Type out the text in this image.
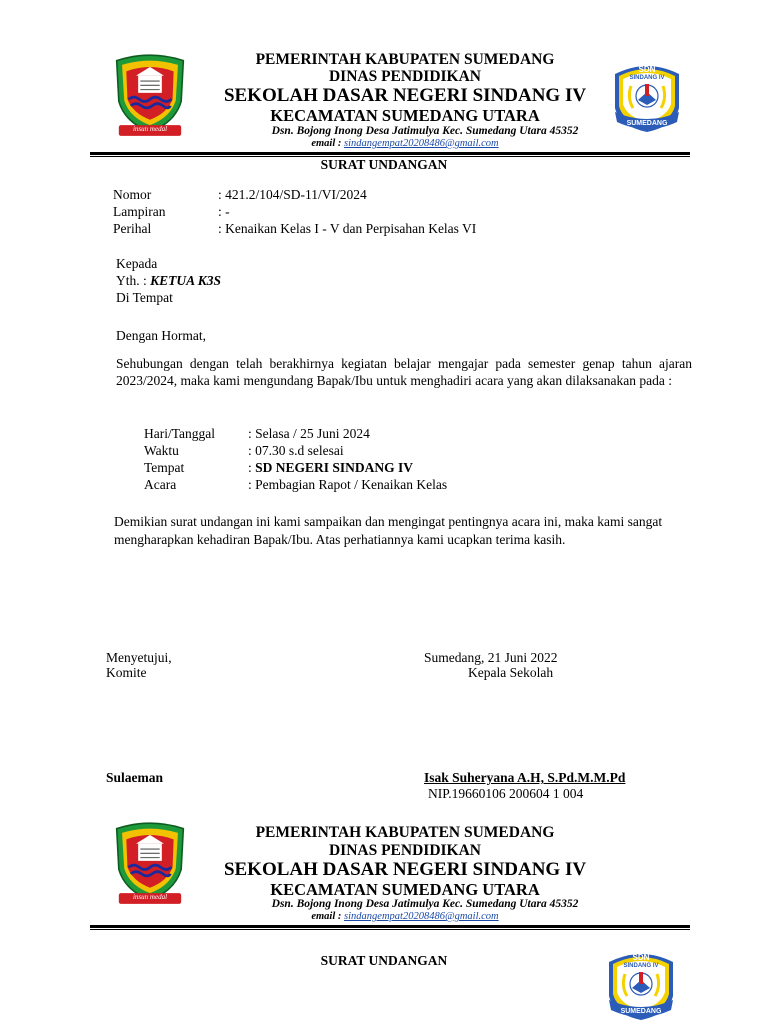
insun medal
SDN
SINDANG IV
SUMEDANG
PEMERINTAH KABUPATEN SUMEDANG
DINAS PENDIDIKAN
SEKOLAH DASAR NEGERI SINDANG IV
KECAMATAN SUMEDANG UTARA
Dsn. Bojong Inong Desa Jatimulya Kec. Sumedang Utara 45352
email : sindangempat20208486@gmail.com
SURAT UNDANGAN
Nomor	: 421.2/104/SD-11/VI/2024
Lampiran	: -
Perihal	: Kenaikan Kelas I - V dan Perpisahan Kelas VI
Kepada
Yth. : KETUA K3S
Di Tempat
Dengan Hormat,
Sehubungan dengan telah berakhirnya kegiatan belajar mengajar pada semester genap tahun ajaran 2023/2024, maka kami mengundang Bapak/Ibu untuk menghadiri acara yang akan dilaksanakan pada :
Hari/Tanggal : Selasa / 25 Juni 2024
Waktu	: 07.30 s.d selesai
Tempat	: SD NEGERI SINDANG IV
Acara	: Pembagian Rapot / Kenaikan Kelas
Demikian surat undangan ini kami sampaikan dan mengingat pentingnya acara ini, maka kami sangat mengharapkan kehadiran Bapak/Ibu. Atas perhatiannya kami ucapkan terima kasih.
Menyetujui,
Komite
Sumedang, 21 Juni 2022
Kepala Sekolah
Sulaeman	Isak Suheryana A.H, S.Pd.M.M.Pd
NIP.19660106 200604 1 004
insun medal
PEMERINTAH KABUPATEN SUMEDANG
DINAS PENDIDIKAN
SEKOLAH DASAR NEGERI SINDANG IV
KECAMATAN SUMEDANG UTARA
Dsn. Bojong Inong Desa Jatimulya Kec. Sumedang Utara 45352
email : sindangempat20208486@gmail.com
SURAT UNDANGAN	SDN
SINDANG IV
SUMEDANG
